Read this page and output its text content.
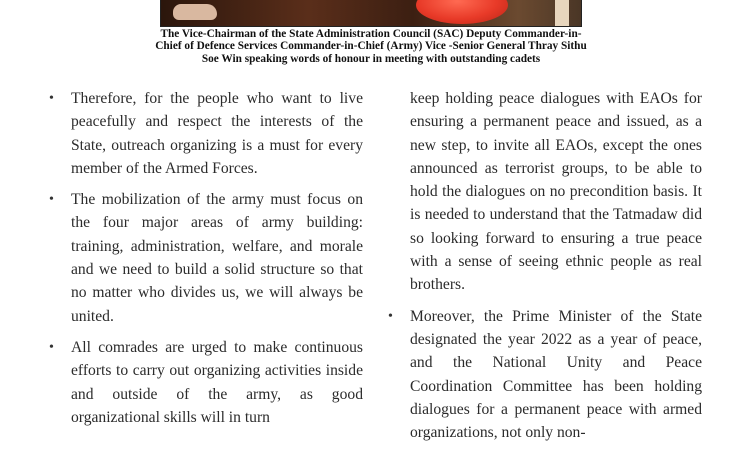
The Vice-Chairman of the State Administration Council (SAC) Deputy Commander-in-Chief of Defence Services Commander-in-Chief (Army) Vice -Senior General Thray Sithu Soe Win speaking words of honour in meeting with outstanding cadets
•	Therefore, for the people who want to live peacefully and respect the interests of the State, outreach organizing is a must for every member of the Armed Forces.
•	The mobilization of the army must focus on the four major areas of army building: training, administration, welfare, and morale and we need to build a solid structure so that no matter who divides us, we will always be united.
•	All comrades are urged to make continuous efforts to carry out organizing activities inside and outside of the army, as good organizational skills will in turn
keep holding peace dialogues with EAOs for ensuring a permanent peace and issued, as a new step, to invite all EAOs, except the ones announced as terrorist groups, to be able to hold the dialogues on no precondition basis. It is needed to understand that the Tatmadaw did so looking forward to ensuring a true peace with a sense of seeing ethnic people as real brothers.
•	Moreover, the Prime Minister of the State designated the year 2022 as a year of peace, and the National Unity and Peace Coordination Committee has been holding dialogues for a permanent peace with armed organizations, not only non-
